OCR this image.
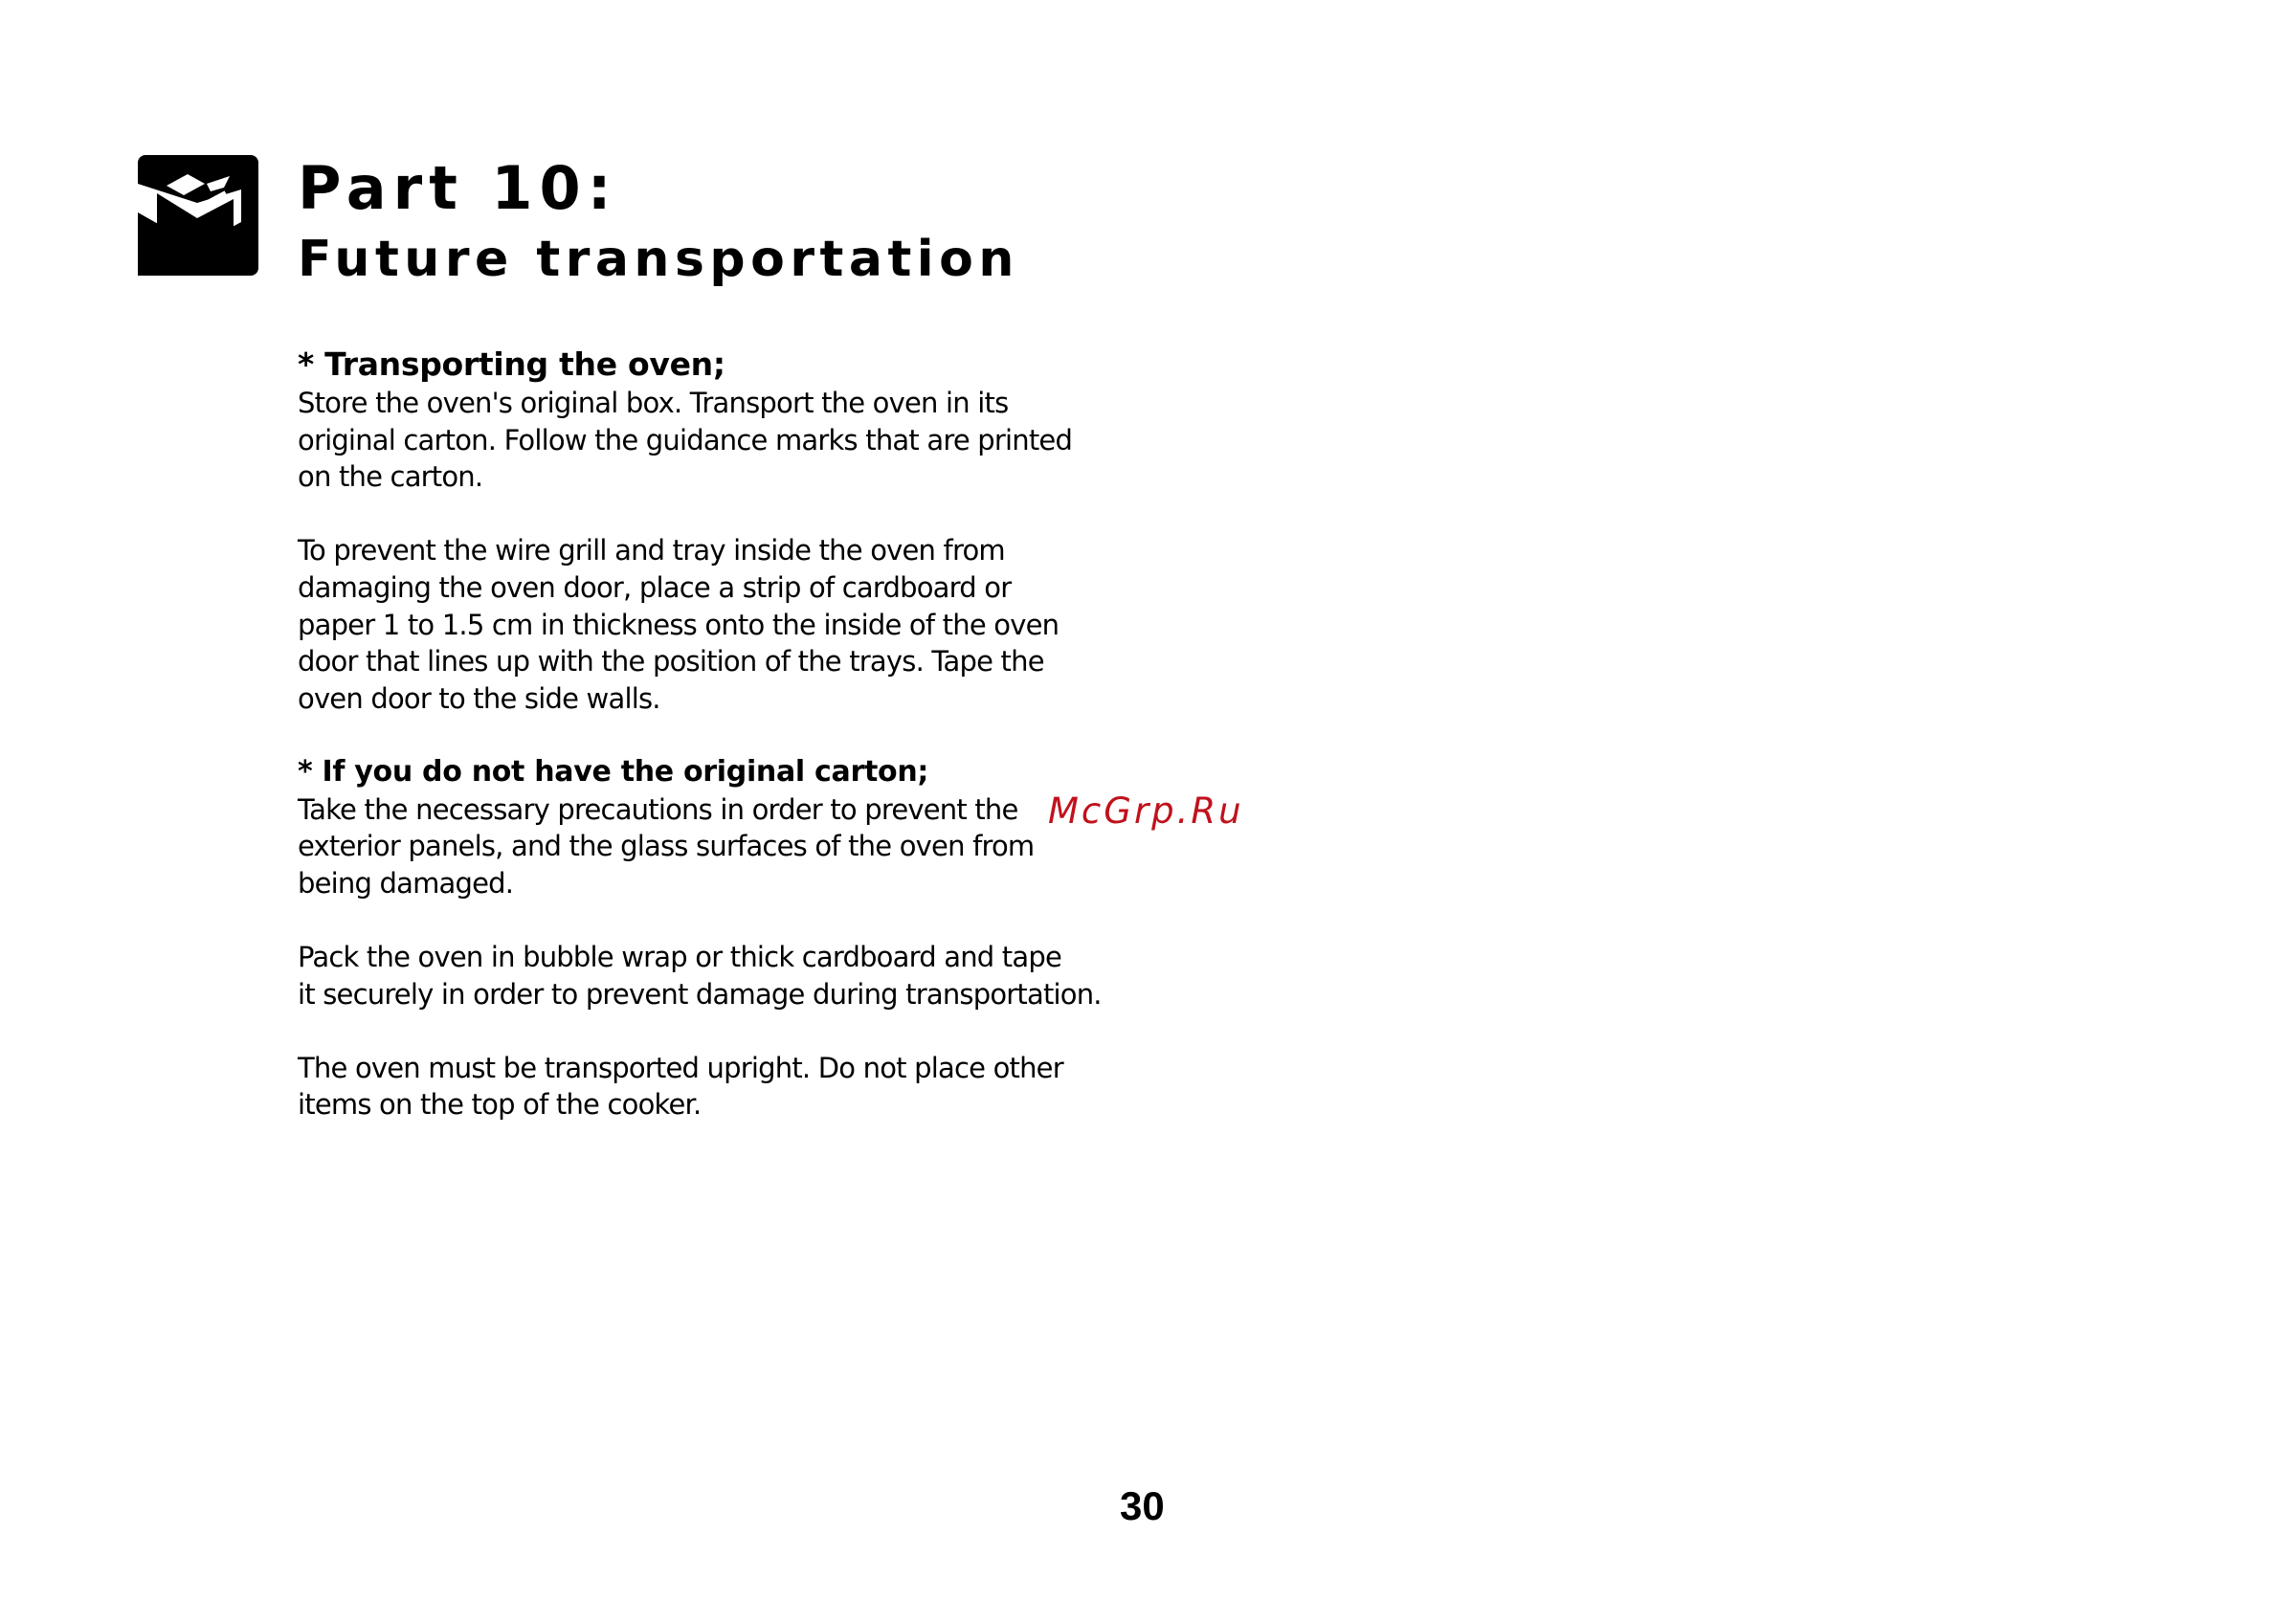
Part 10:
Future transportation
* Transporting the oven;

Store the oven's original box. Transport the oven in its
original carton. Follow the guidance marks that are printed
on the carton.

To prevent the wire grill and tray inside the oven from
damaging the oven door, place a strip of cardboard or
paper 1 to 1.5 cm in thickness onto the inside of the oven
door that lines up with the position of the trays. Tape the
oven door to the side walls.

* If you do not have the original carton;

Take the necessary precautions in order to prevent the
exterior panels, and the glass surfaces of the oven from
being damaged.

Pack the oven in bubble wrap or thick cardboard and tape
it securely in order to prevent damage during transportation.

The oven must be transported upright. Do not place other
items on the top of the cooker.

McGrp.Ru
30
